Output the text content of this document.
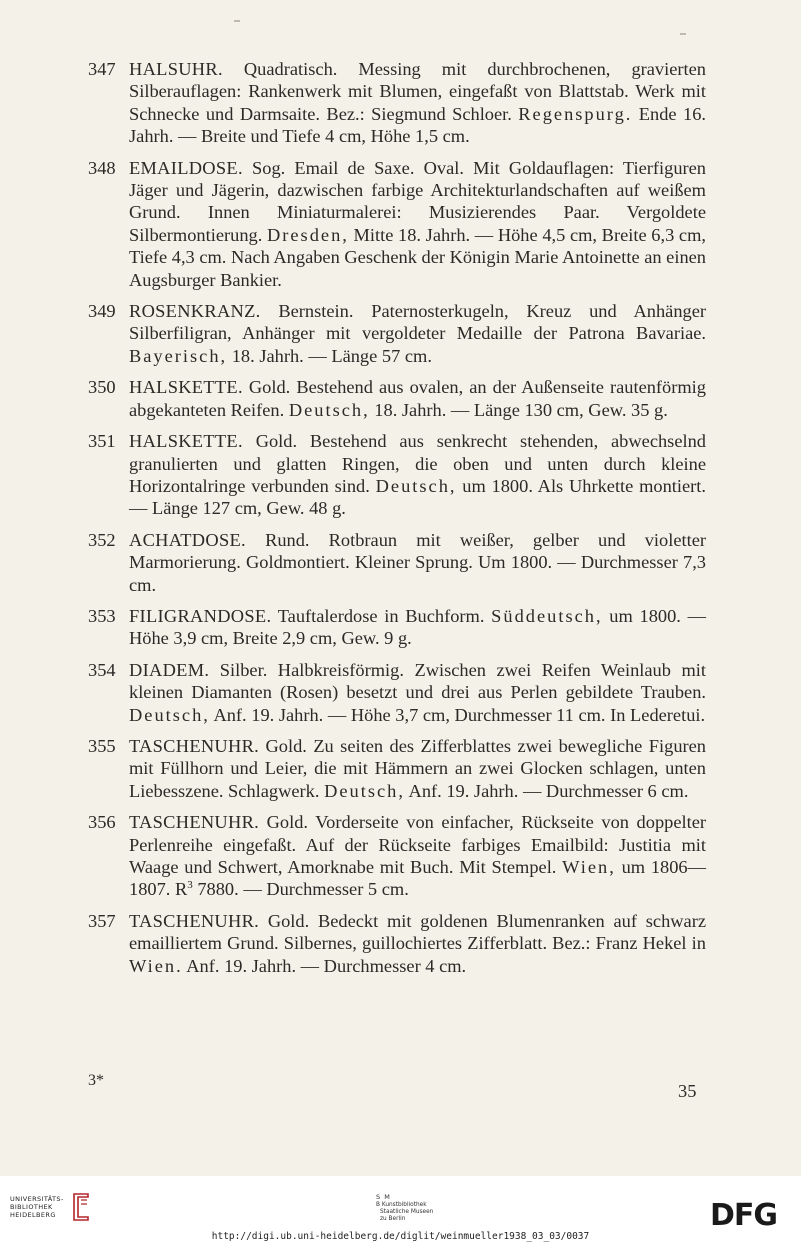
347 HALSUHR. Quadratisch. Messing mit durchbrochenen, gravierten Silberauflagen: Rankenwerk mit Blumen, eingefaßt von Blattstab. Werk mit Schnecke und Darmsaite. Bez.: Siegmund Schloer. Regenspurg. Ende 16. Jahrh. — Breite und Tiefe 4 cm, Höhe 1,5 cm.
348 EMAILDOSE. Sog. Email de Saxe. Oval. Mit Goldauflagen: Tierfiguren Jäger und Jägerin, dazwischen farbige Architekturlandschaften auf weißem Grund. Innen Miniaturmalerei: Musizierendes Paar. Vergoldete Silbermontierung. Dresden, Mitte 18. Jahrh. — Höhe 4,5 cm, Breite 6,3 cm, Tiefe 4,3 cm. Nach Angaben Geschenk der Königin Marie Antoinette an einen Augsburger Bankier.
349 ROSENKRANZ. Bernstein. Paternosterkugeln, Kreuz und Anhänger Silberfiligran, Anhänger mit vergoldeter Medaille der Patrona Bavariae. Bayerisch, 18. Jahrh. — Länge 57 cm.
350 HALSKETTE. Gold. Bestehend aus ovalen, an der Außenseite rautenförmig abgekanteten Reifen. Deutsch, 18. Jahrh. — Länge 130 cm, Gew. 35 g.
351 HALSKETTE. Gold. Bestehend aus senkrecht stehenden, abwechselnd granulierten und glatten Ringen, die oben und unten durch kleine Horizontalringe verbunden sind. Deutsch, um 1800. Als Uhrkette montiert. — Länge 127 cm, Gew. 48 g.
352 ACHATDOSE. Rund. Rotbraun mit weißer, gelber und violetter Marmorierung. Goldmontiert. Kleiner Sprung. Um 1800. — Durchmesser 7,3 cm.
353 FILIGRANDOSE. Tauftalerdose in Buchform. Süddeutsch, um 1800. — Höhe 3,9 cm, Breite 2,9 cm, Gew. 9 g.
354 DIADEM. Silber. Halbkreisförmig. Zwischen zwei Reifen Weinlaub mit kleinen Diamanten (Rosen) besetzt und drei aus Perlen gebildete Trauben. Deutsch, Anf. 19. Jahrh. — Höhe 3,7 cm, Durchmesser 11 cm. In Lederetui.
355 TASCHENUHR. Gold. Zu seiten des Zifferblattes zwei bewegliche Figuren mit Füllhorn und Leier, die mit Hämmern an zwei Glocken schlagen, unten Liebesszene. Schlagwerk. Deutsch, Anf. 19. Jahrh. — Durchmesser 6 cm.
356 TASCHENUHR. Gold. Vorderseite von einfacher, Rückseite von doppelter Perlenreihe eingefaßt. Auf der Rückseite farbiges Emailbild: Justitia mit Waage und Schwert, Amorknabe mit Buch. Mit Stempel. Wien, um 1806—1807. $R^3$ 7880. — Durchmesser 5 cm.
357 TASCHENUHR. Gold. Bedeckt mit goldenen Blumenranken auf schwarz emailliertem Grund. Silbernes, guillochiertes Zifferblatt. Bez.: Franz Hekel in Wien. Anf. 19. Jahrh. — Durchmesser 4 cm.
3*
35
UNIVERSITÄTS-
BIBLIOTHEK
HEIDELBERG
S M
B Kunstbibliothek
Staatliche Museen
zu Berlin	DFG
http://digi.ub.uni-heidelberg.de/diglit/weinmueller1938_03_03/0037
